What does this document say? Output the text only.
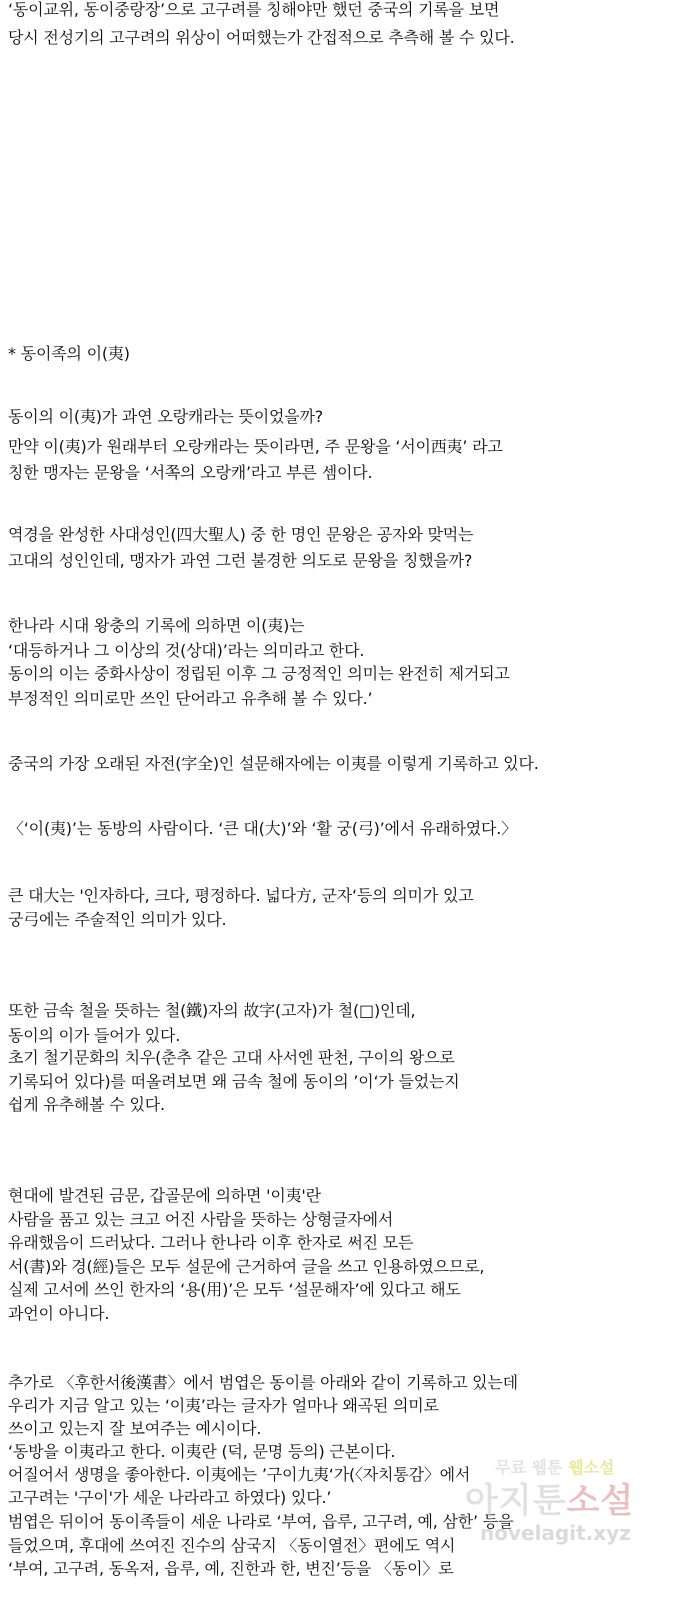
‘동이교위, 동이중랑장’으로 고구려를 칭해야만 했던 중국의 기록을 보면
당시 전성기의 고구려의 위상이 어떠했는가 간접적으로 추측해 볼 수 있다.
* 동이족의 이(夷)
동이의 이(夷)가 과연 오랑캐라는 뜻이었을까?
만약 이(夷)가 원래부터 오랑캐라는 뜻이라면, 주 문왕을 ‘서이西夷’ 라고
칭한 맹자는 문왕을 ‘서쪽의 오랑캐’라고 부른 셈이다.
역경을 완성한 사대성인(四大聖人) 중 한 명인 문왕은 공자와 맞먹는
고대의 성인인데, 맹자가 과연 그런 불경한 의도로 문왕을 칭했을까?
한나라 시대 왕충의 기록에 의하면 이(夷)는
‘대등하거나 그 이상의 것(상대)’라는 의미라고 한다.
동이의 이는 중화사상이 정립된 이후 그 긍정적인 의미는 완전히 제거되고
부정적인 의미로만 쓰인 단어라고 유추해 볼 수 있다.’
중국의 가장 오래된 자전(字全)인 설문해자에는 이夷를 이렇게 기록하고 있다.
〈‘이(夷)’는 동방의 사람이다. ‘큰 대(大)’와 ‘활 궁(弓)’에서 유래하였다.〉
큰 대大는 '인자하다, 크다, 평정하다. 넓다方, 군자‘등의 의미가 있고
궁弓에는 주술적인 의미가 있다.
또한 금속 철을 뜻하는 철(鐵)자의 故字(고자)가 철(□)인데,
동이의 이가 들어가 있다.
초기 철기문화의 치우(춘추 같은 고대 사서엔 판천, 구이의 왕으로
기록되어 있다)를 떠올려보면 왜 금속 철에 동이의 ’이‘가 들었는지
쉽게 유추해볼 수 있다.
현대에 발견된 금문, 갑골문에 의하면 '이夷'란
사람을 품고 있는 크고 어진 사람을 뜻하는 상형글자에서
유래했음이 드러났다. 그러나 한나라 이후 한자로 써진 모든
서(書)와 경(經)들은 모두 설문에 근거하여 글을 쓰고 인용하였으므로,
실제 고서에 쓰인 한자의 ‘용(用)’은 모두 ‘설문해자’에 있다고 해도
과언이 아니다.
추가로 〈후한서後漢書〉에서 범엽은 동이를 아래와 같이 기록하고 있는데
우리가 지금 알고 있는 ‘이夷’라는 글자가 얼마나 왜곡된 의미로
쓰이고 있는지 잘 보여주는 예시이다.
‘동방을 이夷라고 한다. 이夷란 (덕, 문명 등의) 근본이다.
어질어서 생명을 좋아한다. 이夷에는 ’구이九夷‘가(〈자치통감〉에서
고구려는 '구이'가 세운 나라라고 하였다) 있다.’
범엽은 뒤이어 동이족들이 세운 나라로 ‘부여, 읍루, 고구려, 예, 삼한’ 등을
들었으며, 후대에 쓰여진 진수의 삼국지 〈동이열전〉편에도 역시
‘부여, 고구려, 동옥저, 읍루, 예, 진한과 한, 변진’등을 〈동이〉로
무료 웹툰 웹소설
아지툰소설
novelagit.xyz
